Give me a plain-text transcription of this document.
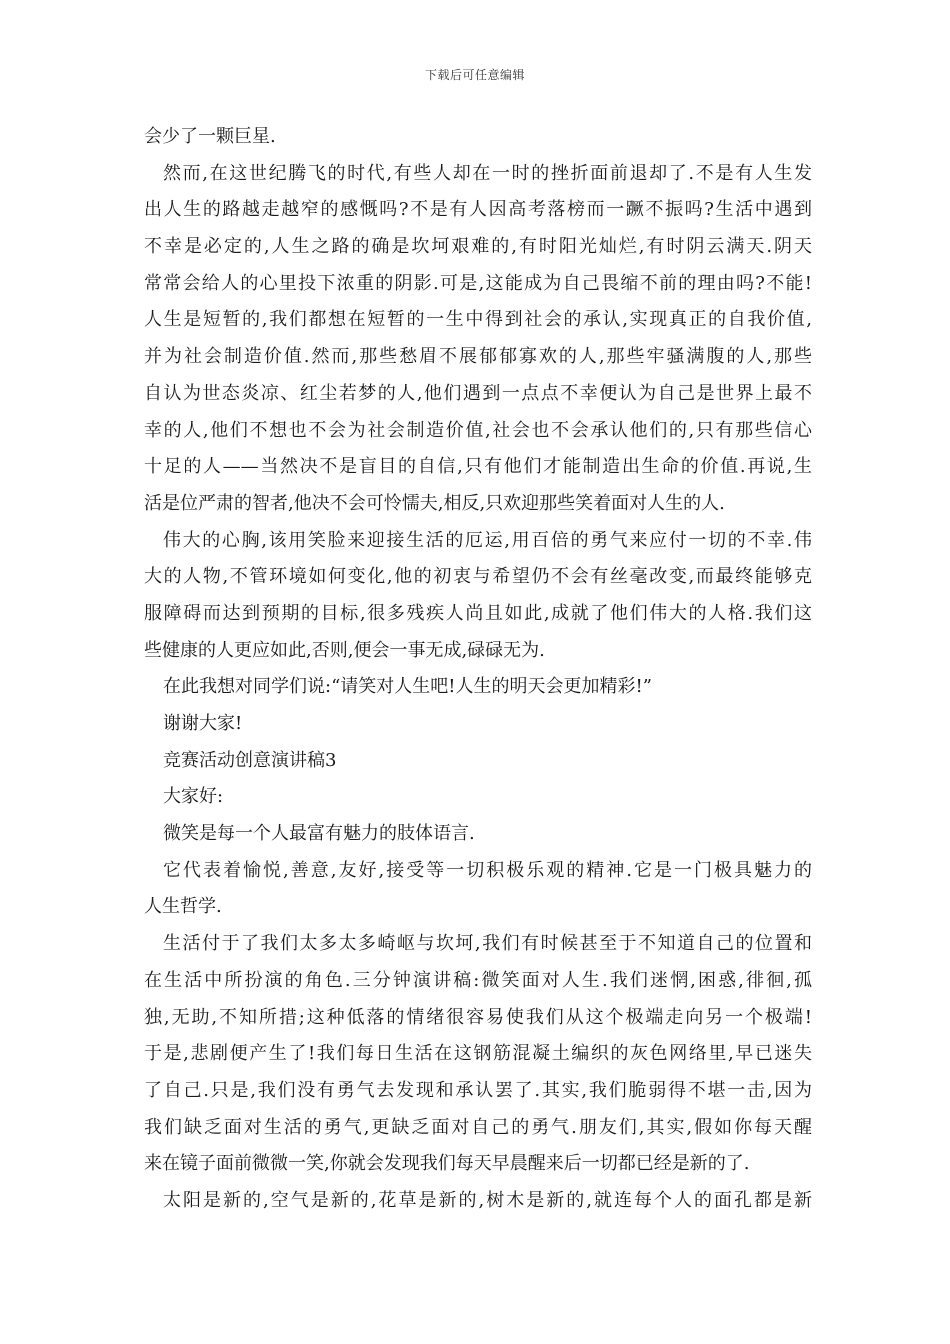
下载后可任意编辑
会少了一颗巨星.
然而,在这世纪腾飞的时代,有些人却在一时的挫折面前退却了.不是有人生发
出人生的路越走越窄的感慨吗?不是有人因高考落榜而一蹶不振吗?生活中遇到
不幸是必定的,人生之路的确是坎坷艰难的,有时阳光灿烂,有时阴云满天.阴天
常常会给人的心里投下浓重的阴影.可是,这能成为自己畏缩不前的理由吗?不能!
人生是短暂的,我们都想在短暂的一生中得到社会的承认,实现真正的自我价值,
并为社会制造价值.然而,那些愁眉不展郁郁寡欢的人,那些牢骚满腹的人,那些
自认为世态炎凉、红尘若梦的人,他们遇到一点点不幸便认为自己是世界上最不
幸的人,他们不想也不会为社会制造价值,社会也不会承认他们的,只有那些信心
十足的人——当然决不是盲目的自信,只有他们才能制造出生命的价值.再说,生
活是位严肃的智者,他决不会可怜懦夫,相反,只欢迎那些笑着面对人生的人.
伟大的心胸,该用笑脸来迎接生活的厄运,用百倍的勇气来应付一切的不幸.伟
大的人物,不管环境如何变化,他的初衷与希望仍不会有丝毫改变,而最终能够克
服障碍而达到预期的目标,很多残疾人尚且如此,成就了他们伟大的人格.我们这
些健康的人更应如此,否则,便会一事无成,碌碌无为.
在此我想对同学们说:“请笑对人生吧!人生的明天会更加精彩!”
谢谢大家!
竞赛活动创意演讲稿3
大家好:
微笑是每一个人最富有魅力的肢体语言.
它代表着愉悦,善意,友好,接受等一切积极乐观的精神.它是一门极具魅力的
人生哲学.
生活付于了我们太多太多崎岖与坎坷,我们有时候甚至于不知道自己的位置和
在生活中所扮演的角色.三分钟演讲稿:微笑面对人生.我们迷惘,困惑,徘徊,孤
独,无助,不知所措;这种低落的情绪很容易使我们从这个极端走向另一个极端!
于是,悲剧便产生了!我们每日生活在这钢筋混凝土编织的灰色网络里,早已迷失
了自己.只是,我们没有勇气去发现和承认罢了.其实,我们脆弱得不堪一击,因为
我们缺乏面对生活的勇气,更缺乏面对自己的勇气.朋友们,其实,假如你每天醒
来在镜子面前微微一笑,你就会发现我们每天早晨醒来后一切都已经是新的了.
太阳是新的,空气是新的,花草是新的,树木是新的,就连每个人的面孔都是新
